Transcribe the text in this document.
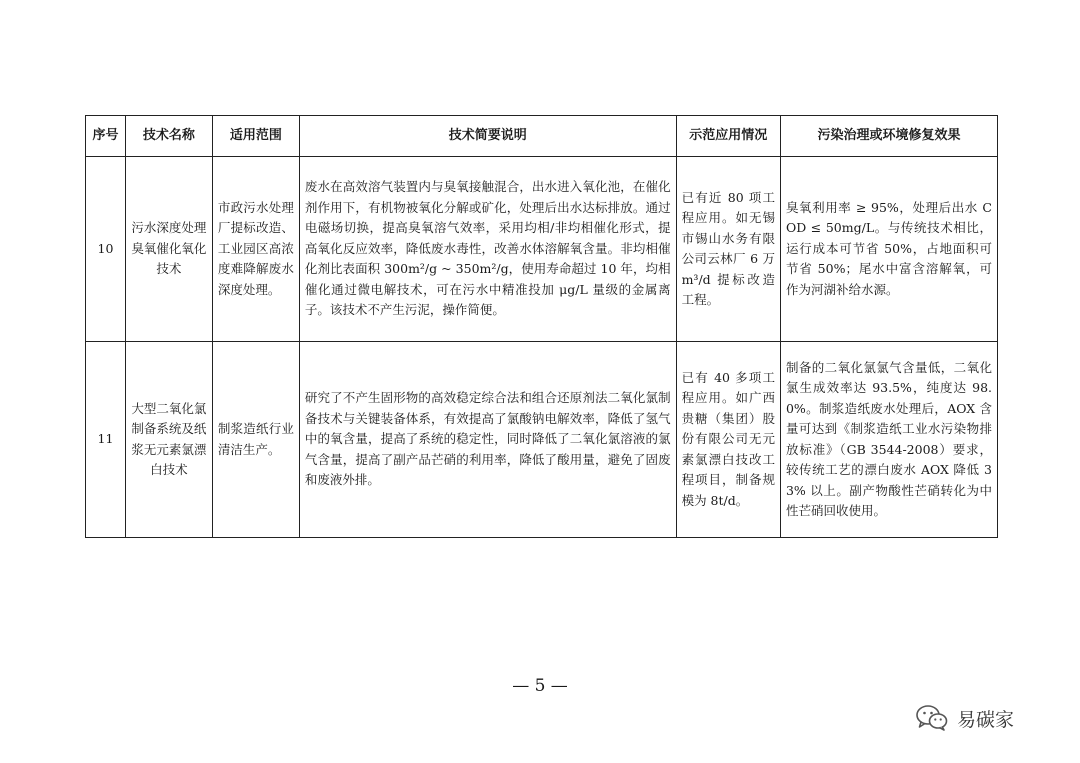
序号	技术名称	适用范围	技术简要说明	示范应用情况	污染治理或环境修复效果
10	污水深度处理臭氧催化氧化技术	市政污水处理厂提标改造、工业园区高浓度难降解废水深度处理。	废水在高效溶气装置内与臭氧接触混合，出水进入氧化池，在催化剂作用下，有机物被氧化分解或矿化，处理后出水达标排放。通过电磁场切换，提高臭氧溶气效率，采用均相/非均相催化形式，提高氧化反应效率，降低废水毒性，改善水体溶解氧含量。非均相催化剂比表面积 300m²/g ~ 350m²/g，使用寿命超过 10 年，均相催化通过微电解技术，可在污水中精准投加 μg/L 量级的金属离子。该技术不产生污泥，操作简便。	已有近 80 项工程应用。如无锡市锡山水务有限公司云林厂 6 万 m³/d 提标改造工程。	臭氧利用率 ≥ 95%，处理后出水 COD ≤ 50mg/L。与传统技术相比，运行成本可节省 50%，占地面积可节省 50%；尾水中富含溶解氧，可作为河湖补给水源。
11	大型二氧化氯制备系统及纸浆无元素氯漂白技术	制浆造纸行业清洁生产。	研究了不产生固形物的高效稳定综合法和组合还原剂法二氧化氯制备技术与关键装备体系，有效提高了氯酸钠电解效率，降低了氢气中的氧含量，提高了系统的稳定性，同时降低了二氧化氯溶液的氯气含量，提高了副产品芒硝的利用率，降低了酸用量，避免了固废和废液外排。	已有 40 多项工程应用。如广西贵糖（集团）股份有限公司无元素氯漂白技改工程项目，制备规模为 8t/d。	制备的二氧化氯氯气含量低，二氧化氯生成效率达 93.5%，纯度达 98.0%。制浆造纸废水处理后，AOX 含量可达到《制浆造纸工业水污染物排放标准》（GB 3544-2008）要求，较传统工艺的漂白废水 AOX 降低 33% 以上。副产物酸性芒硝转化为中性芒硝回收使用。
— 5 —
易碳家
